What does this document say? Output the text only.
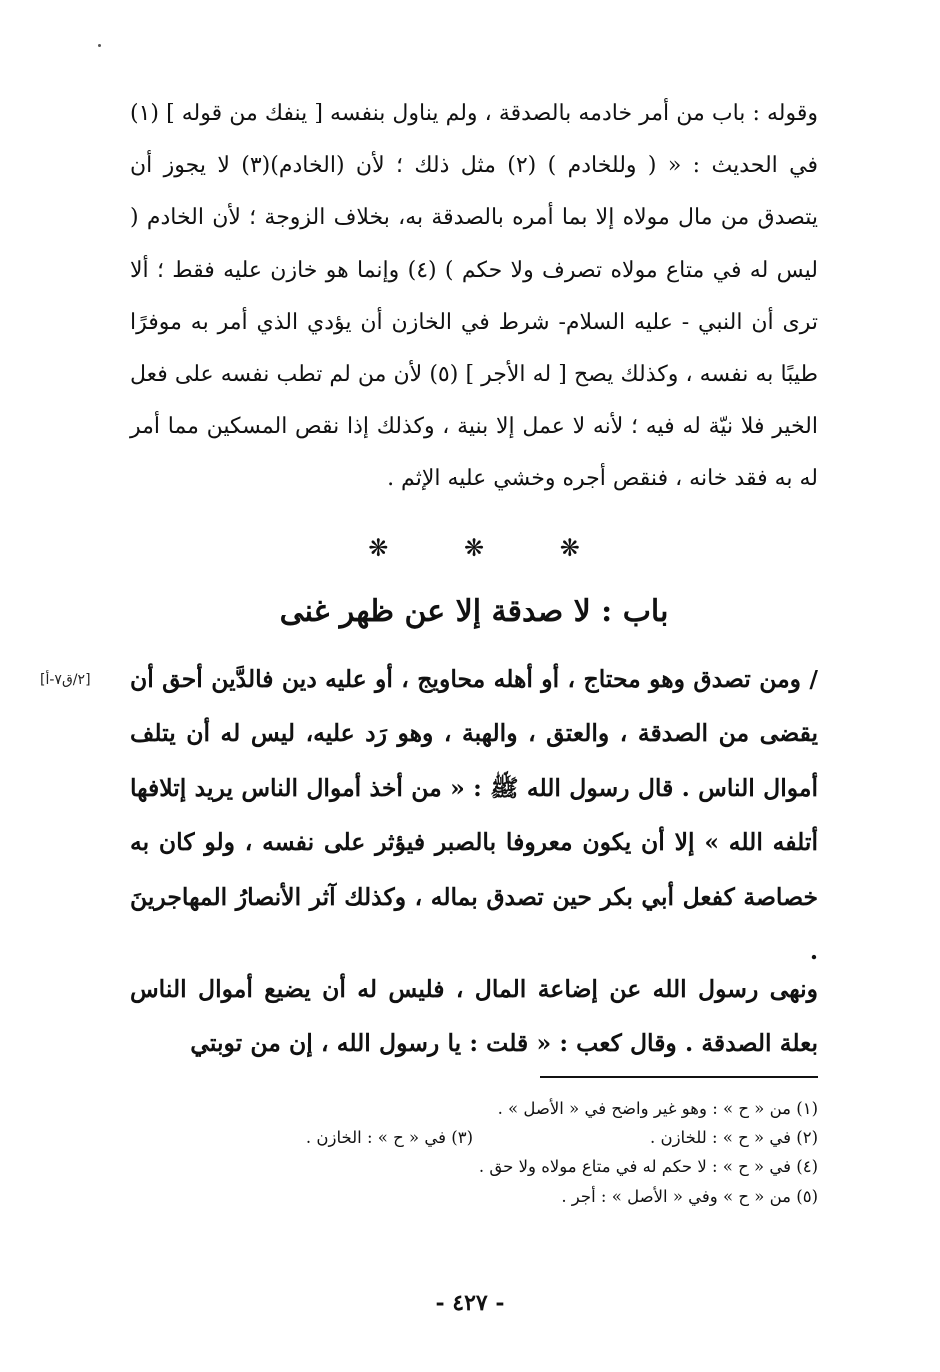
وقوله : باب من أمر خادمه بالصدقة ، ولم يناول بنفسه [ ينفك من قوله ] (١) في الحديث : « ( وللخادم ) (٢) مثل ذلك ؛ لأن (الخادم)(٣) لا يجوز أن يتصدق من مال مولاه إلا بما أمره بالصدقة به، بخلاف الزوجة ؛ لأن الخادم ( ليس له في متاع مولاه تصرف ولا حكم ) (٤) وإنما هو خازن عليه فقط ؛ ألا ترى أن النبي - عليه السلام- شرط في الخازن أن يؤدي الذي أمر به موفرًا طيبًا به نفسه ، وكذلك يصح [ له الأجر ] (٥) لأن من لم تطب نفسه على فعل الخير فلا نيّة له فيه ؛ لأنه لا عمل إلا بنية ، وكذلك إذا نقص المسكين مما أمر له به فقد خانه ، فنقص أجره وخشي عليه الإثم .

❋	❋	❋
باب : لا صدقة إلا عن ظهر غنى
[٢/ق٧-أ] / ومن تصدق وهو محتاج ، أو أهله محاويج ، أو عليه دين فالدَّين أحق أن يقضى من الصدقة ، والعتق ، والهبة ، وهو رَد عليه، ليس له أن يتلف أموال الناس . قال رسول الله ﷺ : « من أخذ أموال الناس يريد إتلافها أتلفه الله » إلا أن يكون معروفا بالصبر فيؤثر على نفسه ، ولو كان به خصاصة كفعل أبي بكر حين تصدق بماله ، وكذلك آثر الأنصارُ المهاجرينَ .

ونهى رسول الله عن إضاعة المال ، فليس له أن يضيع أموال الناس بعلة الصدقة . وقال كعب : « قلت : يا رسول الله ، إن من توبتي

(١) من « ح » : وهو غير واضح في « الأصل » .
(٢) في « ح » : للخازن .
(٣) في « ح » : الخازن .
(٤) في « ح » : لا حكم له في متاع مولاه ولا حق .
(٥) من « ح » وفي « الأصل » : أجر .
- ٤٢٧ -
